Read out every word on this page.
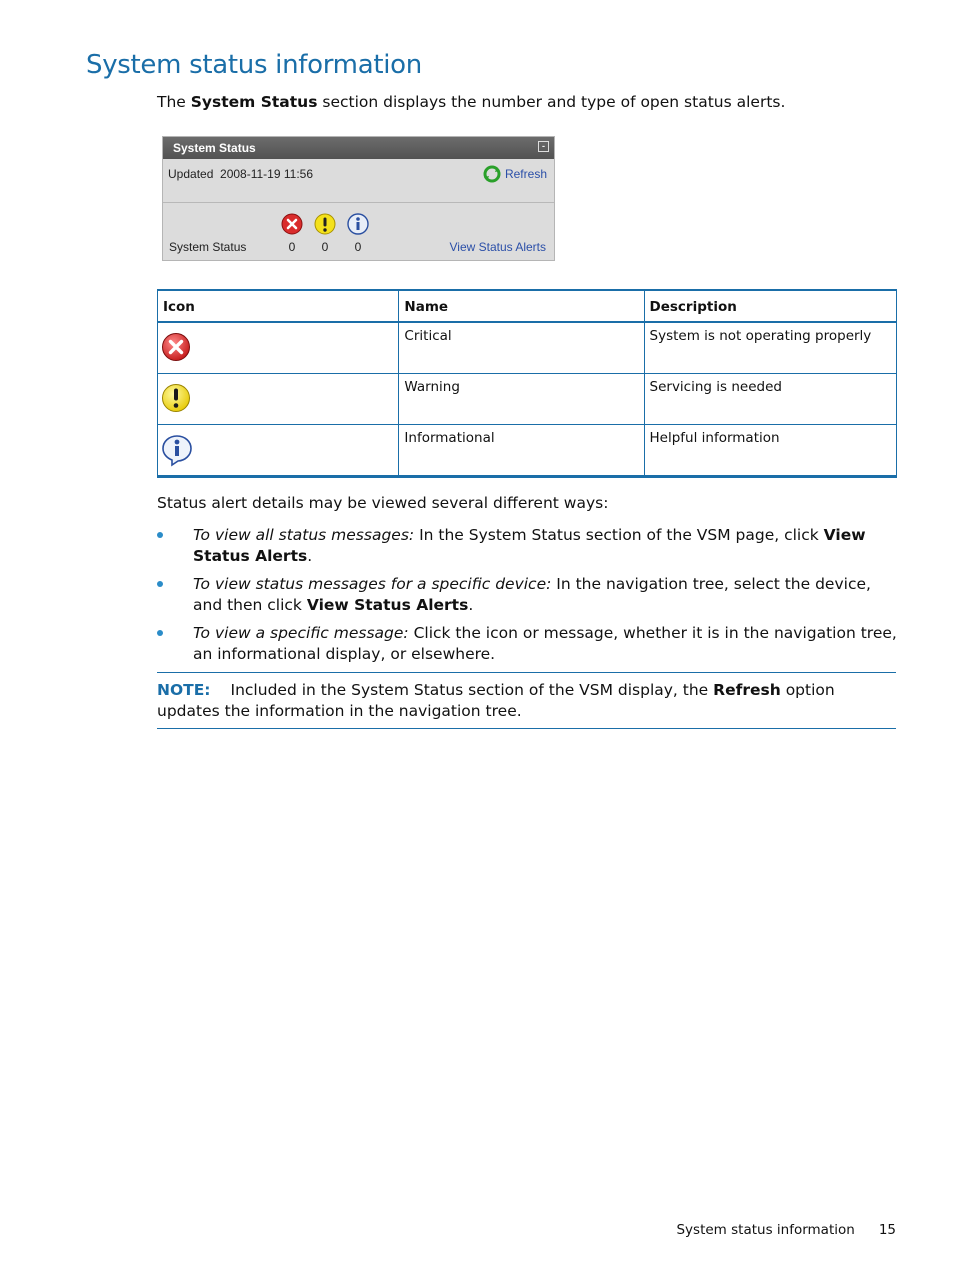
System status information

The System Status section displays the number and type of open status alerts.

System Status	-
Updated  2008-11-19 11:56	Refresh
System Status	0	0	0	View Status Alerts
Icon	Name	Description
	Critical	System is not operating properly
	Warning	Servicing is needed
	Informational	Helpful information

Status alert details may be viewed several different ways:

To view all status messages: In the System Status section of the VSM page, click View Status Alerts.
To view status messages for a specific device: In the navigation tree, select the device, and then click View Status Alerts.
To view a specific message: Click the icon or message, whether it is in the navigation tree, an informational display, or elsewhere.
NOTE: Included in the System Status section of the VSM display, the Refresh option updates the information in the navigation tree.
System status information 15
